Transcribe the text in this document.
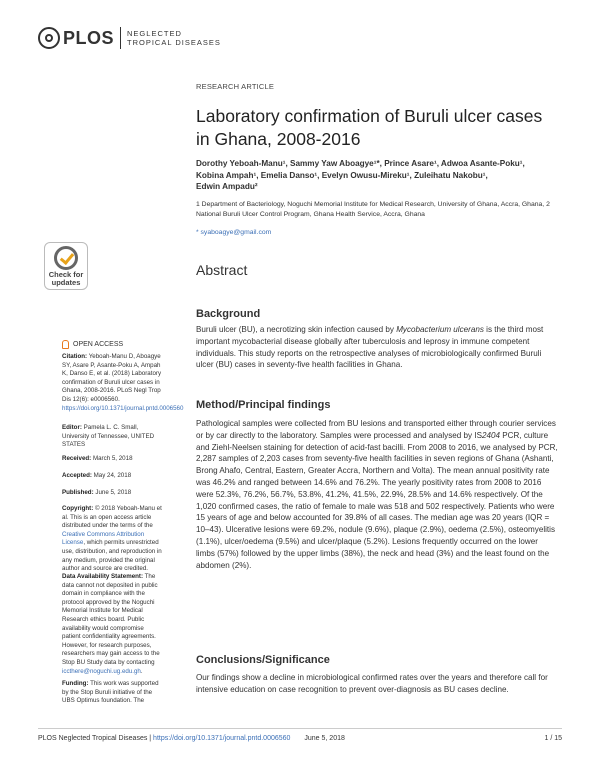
PLOS NEGLECTED
TROPICAL DISEASES
Check for
updates
OPEN ACCESS
Citation: Yeboah-Manu D, Aboagye SY, Asare P, Asante-Poku A, Ampah K, Danso E, et al. (2018) Laboratory confirmation of Buruli ulcer cases in Ghana, 2008-2016. PLoS Negl Trop Dis 12(6): e0006560. https://doi.org/10.1371/journal.pntd.0006560
Editor: Pamela L. C. Small, University of Tennessee, UNITED STATES
Received: March 5, 2018
Accepted: May 24, 2018
Published: June 5, 2018
Copyright: © 2018 Yeboah-Manu et al. This is an open access article distributed under the terms of the Creative Commons Attribution License, which permits unrestricted use, distribution, and reproduction in any medium, provided the original author and source are credited.
Data Availability Statement: The data cannot not deposited in public domain in compliance with the protocol approved by the Noguchi Memorial Institute for Medical Research ethics board. Public availability would compromise patient confidentiality agreements. However, for research purposes, researchers may gain access to the Stop BU Study data by contacting iccthere@noguchi.ug.edu.gh.
Funding: This work was supported by the Stop Buruli initiative of the UBS Optimus foundation. The
RESEARCH ARTICLE
Laboratory confirmation of Buruli ulcer cases in Ghana, 2008-2016
Dorothy Yeboah-Manu¹, Sammy Yaw Aboagye¹*, Prince Asare¹, Adwoa Asante-Poku¹,
Kobina Ampah¹, Emelia Danso¹, Evelyn Owusu-Mireku¹, Zuleihatu Nakobu¹,
Edwin Ampadu²
1 Department of Bacteriology, Noguchi Memorial Institute for Medical Research, University of Ghana, Accra, Ghana, 2 National Buruli Ulcer Control Program, Ghana Health Service, Accra, Ghana
* syaboagye@gmail.com
Abstract
Background
Buruli ulcer (BU), a necrotizing skin infection caused by Mycobacterium ulcerans is the third most important mycobacterial disease globally after tuberculosis and leprosy in immune competent individuals. This study reports on the retrospective analyses of microbiologically confirmed Buruli ulcer (BU) cases in seventy-five health facilities in Ghana.
Method/Principal findings
Pathological samples were collected from BU lesions and transported either through courier services or by car directly to the laboratory. Samples were processed and analysed by IS2404 PCR, culture and Ziehl-Neelsen staining for detection of acid-fast bacilli. From 2008 to 2016, we analysed by PCR, 2,287 samples of 2,203 cases from seventy-five health facilities in seven regions of Ghana (Ashanti, Brong Ahafo, Central, Eastern, Greater Accra, Northern and Volta). The mean annual positivity rate was 46.2% and ranged between 14.6% and 76.2%. The yearly positivity rates from 2008 to 2016 were 52.3%, 76.2%, 56.7%, 53.8%, 41.2%, 41.5%, 22.9%, 28.5% and 14.6% respectively. Of the 1,020 confirmed cases, the ratio of female to male was 518 and 502 respectively. Patients who were 15 years of age and below accounted for 39.8% of all cases. The median age was 20 years (IQR = 10–43). Ulcerative lesions were 69.2%, nodule (9.6%), plaque (2.9%), oedema (2.5%), osteomyelitis (1.1%), ulcer/oedema (9.5%) and ulcer/plaque (5.2%). Lesions frequently occurred on the lower limbs (57%) followed by the upper limbs (38%), the neck and head (3%) and the least found on the abdomen (2%).
Conclusions/Significance
Our findings show a decline in microbiological confirmed rates over the years and therefore call for intensive education on case recognition to prevent over-diagnosis as BU cases decline.
PLOS Neglected Tropical Diseases | https://doi.org/10.1371/journal.pntd.0006560 June 5, 2018	1 / 15
